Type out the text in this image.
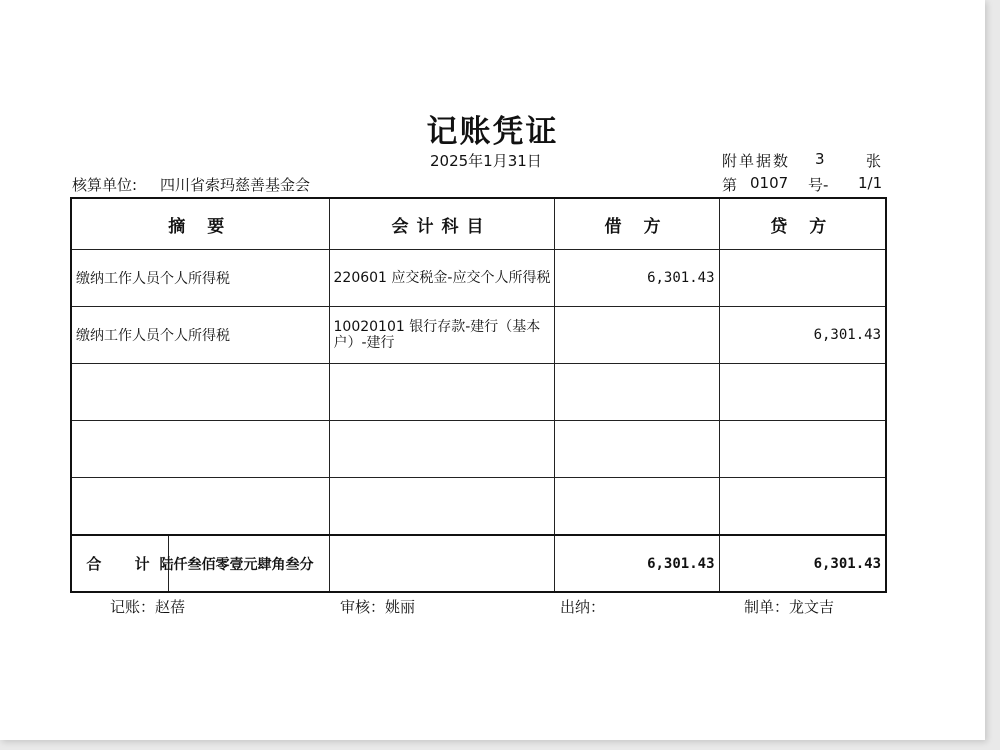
记账凭证
2025年1月31日	附单据数 3	张
核算单位: 四川省索玛慈善基金会	第 0107 号- 1/1
摘 要	会计科目	借 方	贷 方
缴纳工作人员个人所得税	220601 应交税金-应交个人所得税	6,301.43	
缴纳工作人员个人所得税	10020101 银行存款-建行（基本户）-建行		6,301.43

合 计	陆仟叁佰零壹元肆角叁分	6,301.43	6,301.43
记账：赵蓓	审核：姚丽	出纳：	制单：龙文吉
